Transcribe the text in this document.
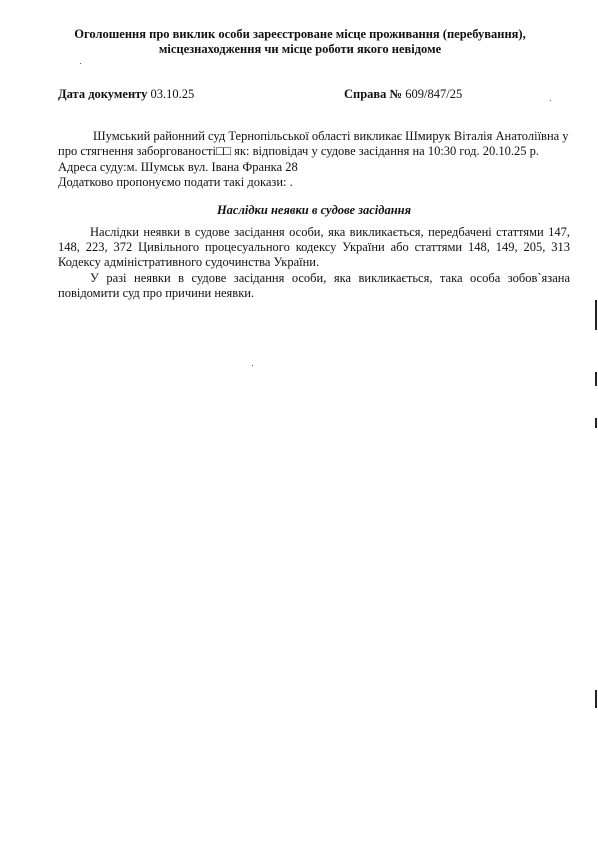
Оголошення про виклик особи зареєстроване місце проживання (перебування),
місцезнаходження чи місце роботи якого невідоме
Дата документу 03.10.25	Справа № 609/847/25

Шумський районний суд Тернопільської області викликає Шмирук Віталія Анатоліївна у

про стягнення заборгованості□□ як: відповідач у судове засідання на 10:30 год. 20.10.25 р.

Адреса суду:м. Шумськ вул. Івана Франка 28

Додатково пропонуємо подати такі докази: .

Наслідки неявки в судове засідання

Наслідки неявки в судове засідання особи, яка викликається, передбачені статтями 147, 148, 223, 372 Цивільного процесуального кодексу України або статтями 148, 149, 205, 313 Кодексу адміністративного судочинства України.

У разі неявки в судове засідання особи, яка викликається, така особа зобов`язана повідомити суд про причини неявки.
